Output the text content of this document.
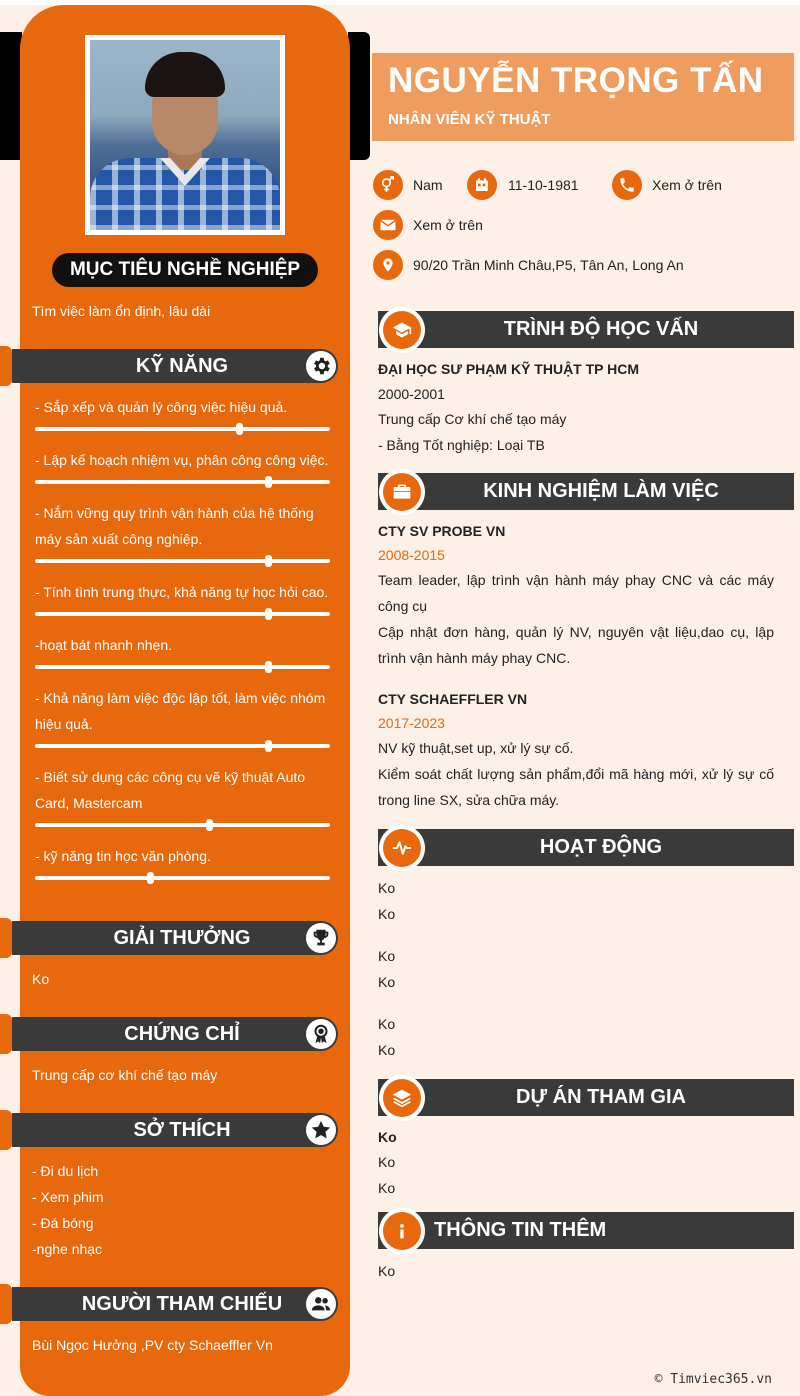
MỤC TIÊU NGHỀ NGHIỆP
Tìm việc làm ổn định, lâu dài
KỸ NĂNG
- Sắp xếp và quản lý công việc hiệu quả.
- Lập kế hoạch nhiệm vụ, phân công công việc.
- Nắm vững quy trình vận hành của hệ thống máy sản xuất công nghiệp.
- Tính tình trung thực, khả năng tự học hỏi cao.
-hoạt bát nhanh nhẹn.
- Khả năng làm việc độc lập tốt, làm việc nhóm hiệu quả.
- Biết sử dụng các công cụ vẽ kỹ thuật Auto Card, Mastercam
- kỹ năng tin học văn phòng.
GIẢI THƯỞNG
Ko
CHỨNG CHỈ
Trung cấp cơ khí chế tạo máy
SỞ THÍCH
- Đi du lịch
- Xem phim
- Đá bóng
-nghe nhạc
NGƯỜI THAM CHIẾU
Bùi Ngọc Hưởng ,PV cty Schaeffler Vn
NGUYỄN TRỌNG TẤN
NHÂN VIÊN KỸ THUẬT
Nam	11-10-1981	Xem ở trên
Xem ở trên
90/20 Trần Minh Châu,P5, Tân An, Long An
TRÌNH ĐỘ HỌC VẤN
ĐẠI HỌC SƯ PHẠM KỸ THUẬT TP HCM
2000-2001
Trung cấp Cơ khí chế tạo máy
- Bằng Tốt nghiệp: Loại TB
KINH NGHIỆM LÀM VIỆC
CTY SV PROBE VN
2008-2015
Team leader, lập trình vận hành máy phay CNC và các máy công cụ
Cập nhật đơn hàng, quản lý NV, nguyên vật liệu,dao cụ, lập trình vận hành máy phay CNC.
CTY SCHAEFFLER VN
2017-2023
NV kỹ thuật,set up, xử lý sự cố.
Kiểm soát chất lượng sản phẩm,đổi mã hàng mới, xử lý sự cố trong line SX, sửa chữa máy.
HOẠT ĐỘNG
Ko
Ko
Ko
Ko
Ko
Ko
DỰ ÁN THAM GIA
Ko
Ko
Ko
THÔNG TIN THÊM
Ko
© Timviec365.vn
